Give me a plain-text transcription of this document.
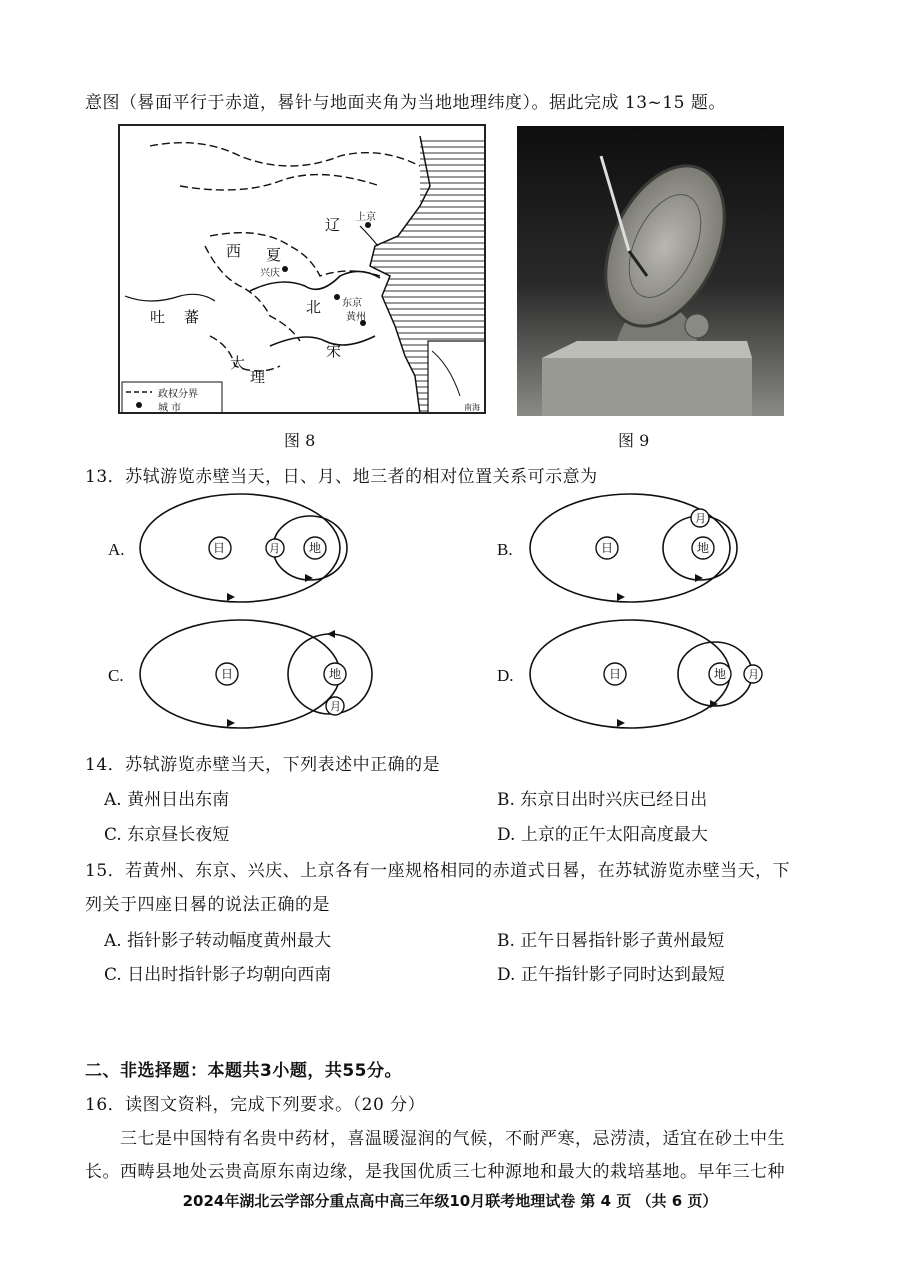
意图（晷面平行于赤道，晷针与地面夹角为当地地理纬度）。据此完成 13~15 题。
辽
西 夏
吐 蕃
北
宋
大
理
上京
兴庆
东京
黄州
政权分界
城 市	南海
图 8	图 9
13．苏轼游览赤壁当天，日、月、地三者的相对位置关系可示意为
A.	日	月 地	B.	日
月
地
C.	日
月
地	D.	日	月
地
14．苏轼游览赤壁当天，下列表述中正确的是
A. 黄州日出东南	B. 东京日出时兴庆已经日出
C. 东京昼长夜短	D. 上京的正午太阳高度最大
15．若黄州、东京、兴庆、上京各有一座规格相同的赤道式日晷，在苏轼游览赤壁当天，下
列关于四座日晷的说法正确的是
A. 指针影子转动幅度黄州最大	B. 正午日晷指针影子黄州最短
C. 日出时指针影子均朝向西南	D. 正午指针影子同时达到最短
二、非选择题：本题共3小题，共55分。
16．读图文资料，完成下列要求。（20 分）
三七是中国特有名贵中药材，喜温暖湿润的气候，不耐严寒，忌涝渍，适宜在砂土中生
长。西畴县地处云贵高原东南边缘，是我国优质三七种源地和最大的栽培基地。早年三七种
2024年湖北云学部分重点高中高三年级10月联考地理试卷 第 4 页 （共 6 页）
